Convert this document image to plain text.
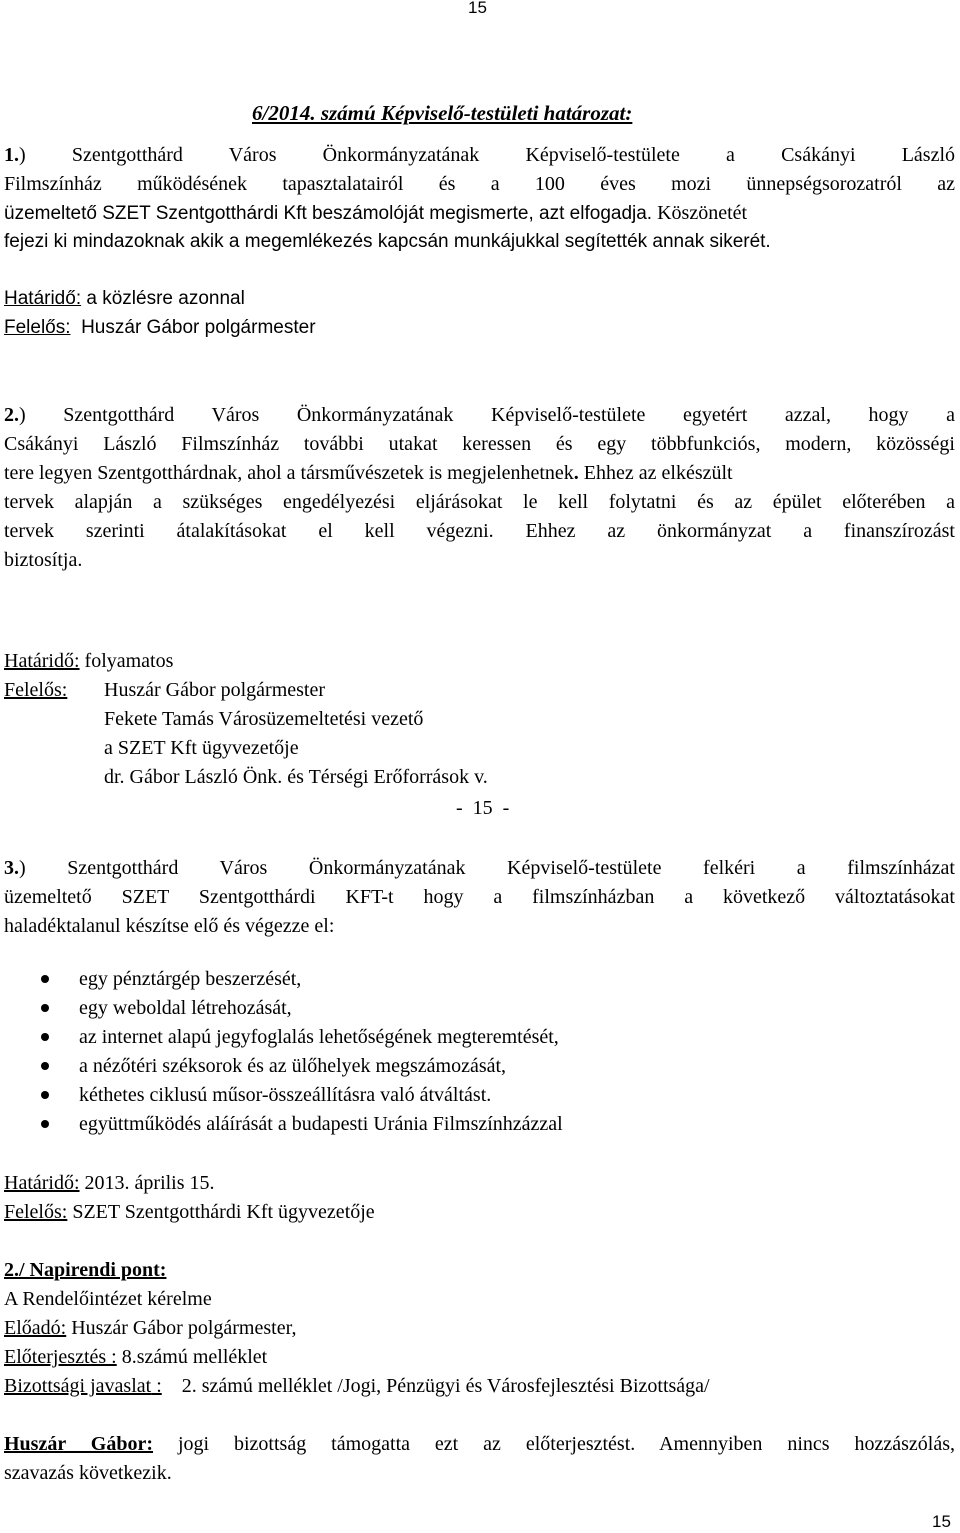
15
6/2014. számú Képviselő-testületi határozat:
1.) Szentgotthárd Város Önkormányzatának Képviselő-testülete a Csákányi László
Filmszínház működésének tapasztalatairól és a 100 éves mozi ünnepségsorozatról az
üzemeltető SZET Szentgotthárdi Kft beszámolóját megismerte, azt elfogadja. Köszönetét
fejezi ki mindazoknak akik a megemlékezés kapcsán munkájukkal segítették annak sikerét.
Határidő: a közlésre azonnal
Felelős:  Huszár Gábor polgármester
2.) Szentgotthárd Város Önkormányzatának Képviselő-testülete egyetért azzal, hogy a
Csákányi László Filmszínház további utakat keressen és egy többfunkciós, modern, közösségi
tere legyen Szentgotthárdnak, ahol a társművészetek is megjelenhetnek. Ehhez az elkészült
tervek alapján a szükséges engedélyezési eljárásokat le kell folytatni és az épület előterében a
tervek szerinti átalakításokat el kell végezni. Ehhez az önkormányzat a finanszírozást
biztosítja.
Határidő: folyamatos
Felelős: Huszár Gábor polgármester
Fekete Tamás Városüzemeltetési vezető
a SZET Kft ügyvezetője
dr. Gábor László Önk. és Térségi Erőforrások v.
-  15  -
3.) Szentgotthárd Város Önkormányzatának Képviselő-testülete felkéri a filmszínházat
üzemeltető SZET Szentgotthárdi KFT-t hogy a filmszínházban a következő változtatásokat
haladéktalanul készítse elő és végezze el:
egy pénztárgép beszerzését,
egy weboldal létrehozását,
az internet alapú jegyfoglalás lehetőségének megteremtését,
a nézőtéri széksorok és az ülőhelyek megszámozását,
kéthetes ciklusú műsor-összeállításra való átváltást.
együttműködés aláírását a budapesti Uránia Filmszínhzázzal
Határidő: 2013. április 15.
Felelős: SZET Szentgotthárdi Kft ügyvezetője
2./ Napirendi pont:
A Rendelőintézet kérelme
Előadó: Huszár Gábor polgármester,
Előterjesztés : 8.számú melléklet
Bizottsági javaslat :    2. számú melléklet /Jogi, Pénzügyi és Városfejlesztési Bizottsága/
Huszár Gábor: jogi bizottság támogatta ezt az előterjesztést. Amennyiben nincs hozzászólás,
szavazás következik.
15
